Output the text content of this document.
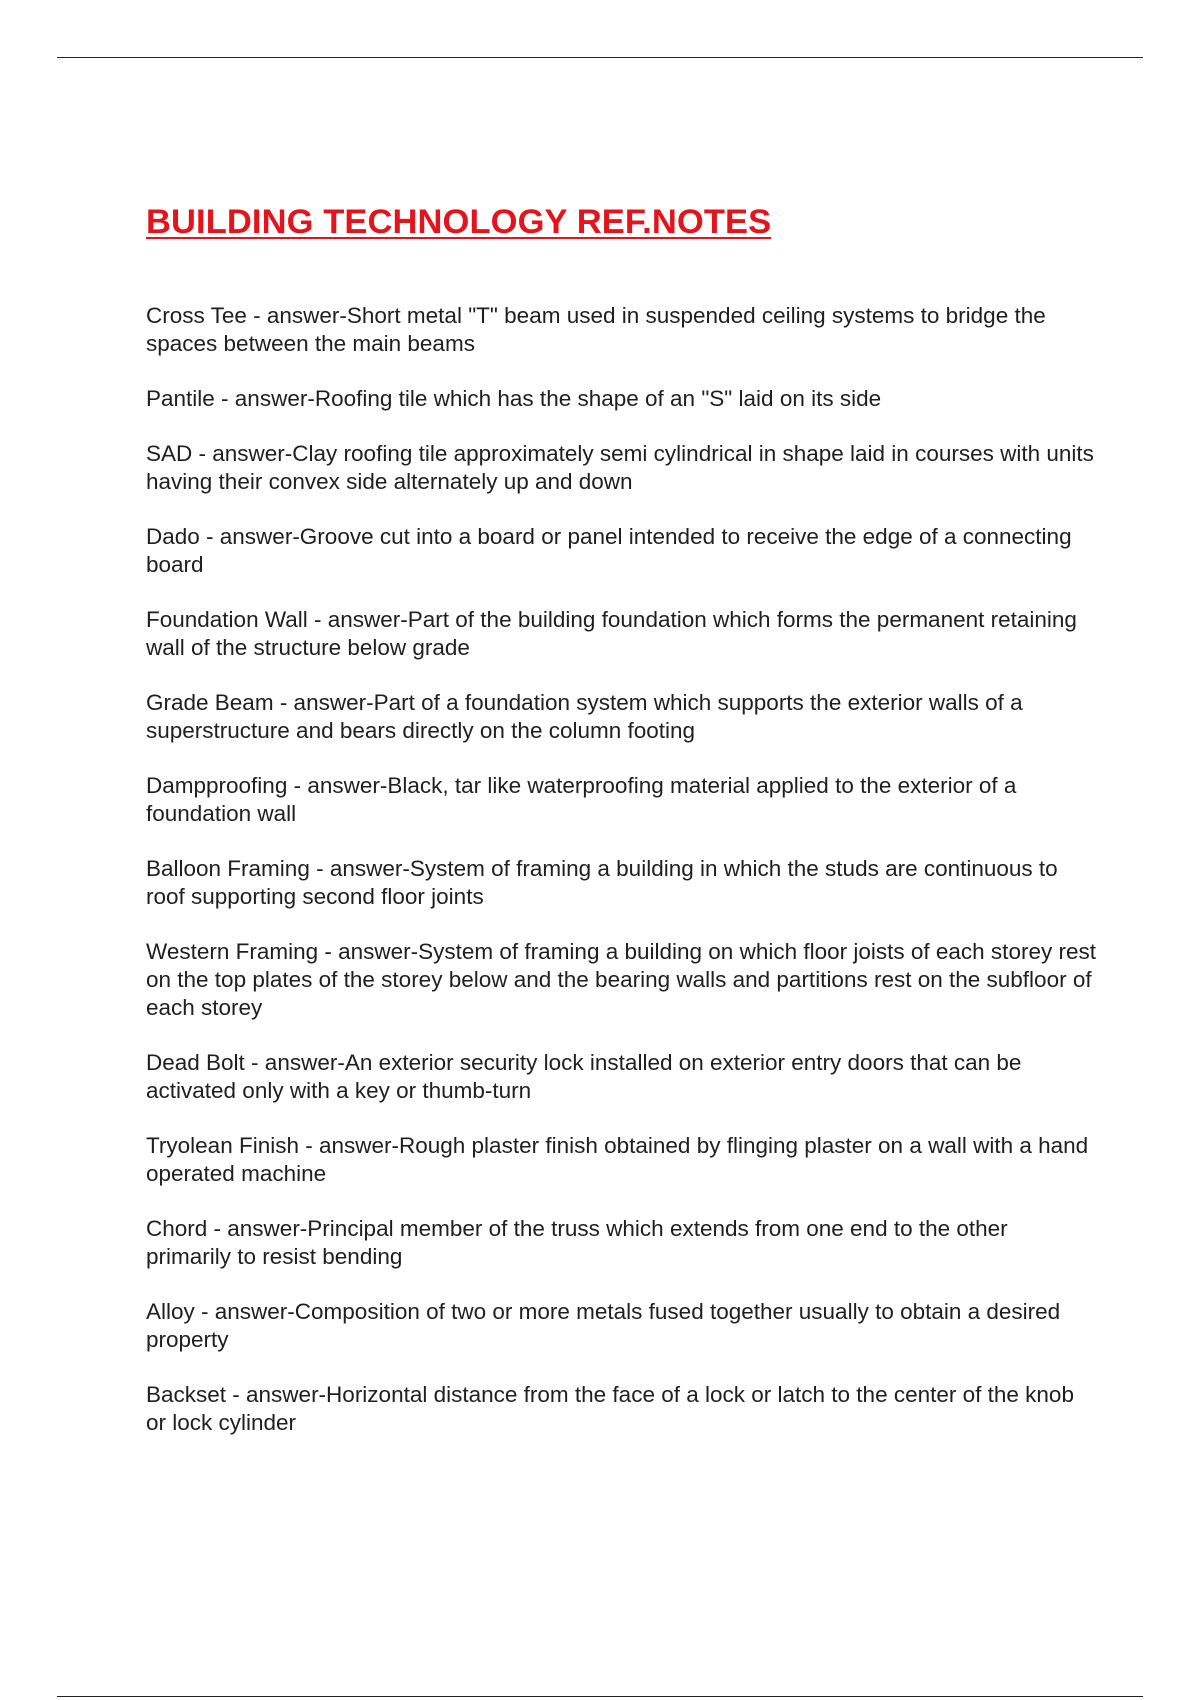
BUILDING TECHNOLOGY REF.NOTES
Cross Tee - answer-Short metal "T" beam used in suspended ceiling systems to bridge the spaces between the main beams
Pantile - answer-Roofing tile which has the shape of an "S" laid on its side
SAD - answer-Clay roofing tile approximately semi cylindrical in shape laid in courses with units having their convex side alternately up and down
Dado - answer-Groove cut into a board or panel intended to receive the edge of a connecting board
Foundation Wall - answer-Part of the building foundation which forms the permanent retaining wall of the structure below grade
Grade Beam - answer-Part of a foundation system which supports the exterior walls of a superstructure and bears directly on the column footing
Dampproofing - answer-Black, tar like waterproofing material applied to the exterior of a foundation wall
Balloon Framing - answer-System of framing a building in which the studs are continuous to roof supporting second floor joints
Western Framing - answer-System of framing a building on which floor joists of each storey rest on the top plates of the storey below and the bearing walls and partitions rest on the subfloor of each storey
Dead Bolt - answer-An exterior security lock installed on exterior entry doors that can be activated only with a key or thumb-turn
Tryolean Finish - answer-Rough plaster finish obtained by flinging plaster on a wall with a hand operated machine
Chord - answer-Principal member of the truss which extends from one end to the other primarily to resist bending
Alloy - answer-Composition of two or more metals fused together usually to obtain a desired property
Backset - answer-Horizontal distance from the face of a lock or latch to the center of the knob or lock cylinder
